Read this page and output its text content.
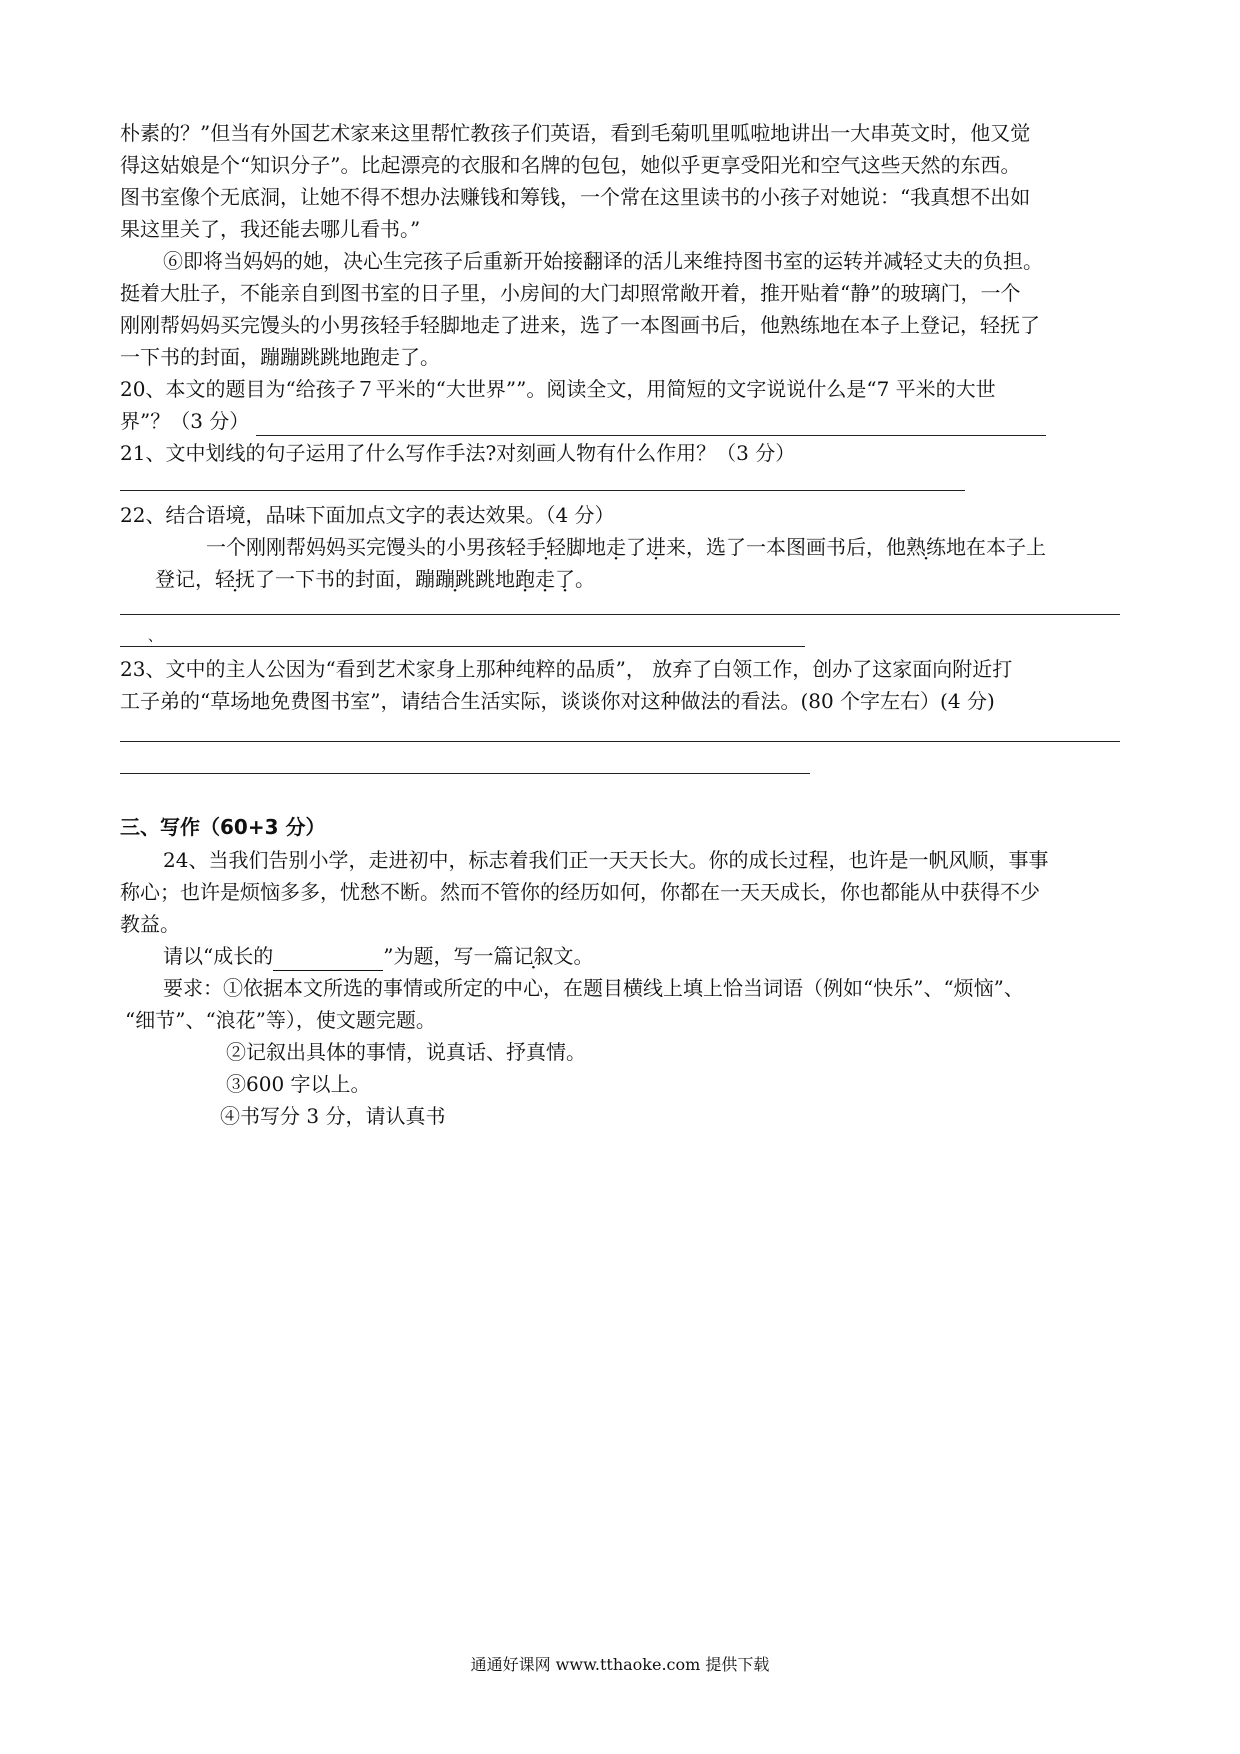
朴素的？”但当有外国艺术家来这里帮忙教孩子们英语，看到毛菊叽里呱啦地讲出一大串英文时，他又觉
得这姑娘是个“知识分子”。比起漂亮的衣服和名牌的包包，她似乎更享受阳光和空气这些天然的东西。
图书室像个无底洞，让她不得不想办法赚钱和筹钱，一个常在这里读书的小孩子对她说：“我真想不出如
果这里关了，我还能去哪儿看书。”
⑥即将当妈妈的她，决心生完孩子后重新开始接翻译的活儿来维持图书室的运转并减轻丈夫的负担。
挺着大肚子，不能亲自到图书室的日子里，小房间的大门却照常敞开着，推开贴着“静”的玻璃门，一个
刚刚帮妈妈买完馒头的小男孩轻手轻脚地走了进来，选了一本图画书后，他熟练地在本子上登记，轻抚了
一下书的封面，蹦蹦跳跳地跑走了。
20、本文的题目为“给孩子７平米的“大世界””。阅读全文，用简短的文字说说什么是“7 平米的大世
界”？（3 分）
21、文中划线的句子运用了什么写作手法?对刻画人物有什么作用？（3 分）
22、结合语境，品味下面加点文字的表达效果。（4 分）
一个刚刚帮妈妈买完馒头的小男孩轻手轻脚地走了进来，选了一本图画书后，他熟练地在本子上
登记，轻抚了一下书的封面，蹦蹦跳跳地跑走了。
、
23、文中的主人公因为“看到艺术家身上那种纯粹的品质”， 放弃了白领工作，创办了这家面向附近打
工子弟的“草场地免费图书室”，请结合生活实际，谈谈你对这种做法的看法。(80 个字左右）(4 分)
三、写作（60+3 分）
24、当我们告别小学，走进初中，标志着我们正一天天长大。你的成长过程，也许是一帆风顺，事事
称心；也许是烦恼多多，忧愁不断。然而不管你的经历如何，你都在一天天成长，你也都能从中获得不少
教益。
请以“成长的	”为题，写一篇记叙文。
要求：①依据本文所选的事情或所定的中心，在题目横线上填上恰当词语（例如“快乐”、“烦恼”、
“细节”、“浪花”等），使文题完题。
②记叙出具体的事情，说真话、抒真情。
③600 字以上。
④书写分 3 分，请认真书
通通好课网 www.tthaoke.com 提供下载
